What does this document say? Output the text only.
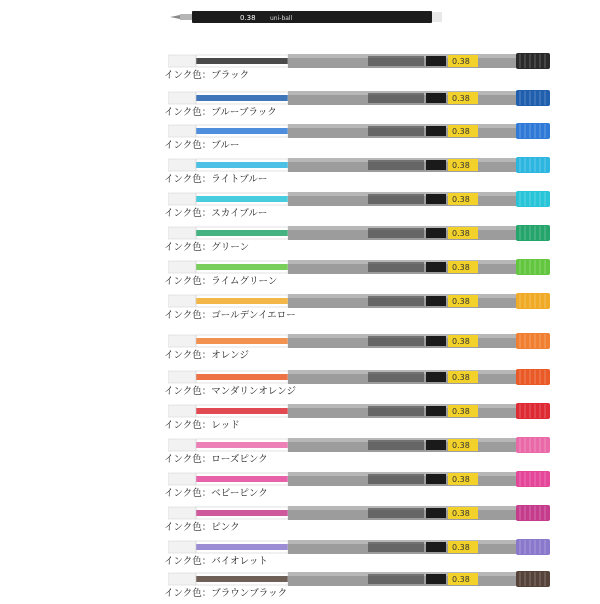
0.38 uni-ball
0.38
インク色：ブラック
0.38
インク色：ブルーブラック
0.38
インク色：ブルー
0.38
インク色：ライトブルー
0.38
インク色：スカイブルー
0.38
インク色：グリーン
0.38
インク色：ライムグリーン
0.38
インク色：ゴールデンイエロー
0.38
インク色：オレンジ
0.38
インク色：マンダリンオレンジ
0.38
インク色：レッド
0.38
インク色：ローズピンク
0.38
インク色：ベビーピンク
0.38
インク色：ピンク
0.38
インク色：バイオレット
0.38
インク色：ブラウンブラック
